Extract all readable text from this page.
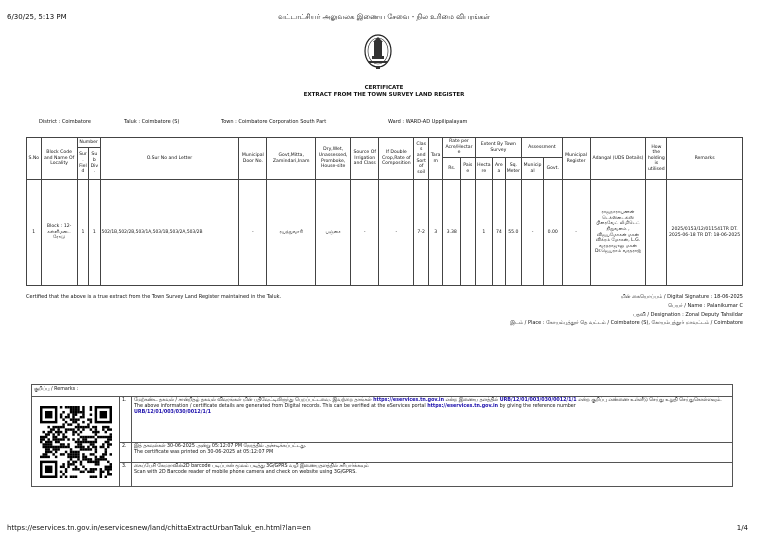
6/30/25, 5:13 PM	வட்டாட்சியர் அலுவலக இணைய சேவை - நில உரிமை விபரங்கள்
CERTIFICATE
EXTRACT FROM THE TOWN SURVEY LAND REGISTER
District : Coimbatore	Taluk : Coimbatore (S)	Town : Coimbatore Corporation South Part	Ward : WARD-AD Uppilipalayam
S.No	Block Code and Name Of Locality	Number		O.Sur No and Letter	Municipal Door No.	Govt,Mitta, Zamindari,Inam	Dry,Wet, Unassessed, Promboke, House-site	Source Of Irrigation and Class	If Double Crop,Rate of Composition	Class and Sort of soil	Taram	Rate per Acre/Hectare		Extent By Town Survey			Assessment		Municipal Register	Adangal (UDS Details)	How the holding is utilised	Remarks
		Sur. Field	Sub Div.																			
												Rs.	Paise	Hectare	Area	Sq. Meter	Municipal	Govt.				
1	Block : 12-கள்ளிமடை ரோடு	1	1	502/1B,502/2B,503/1A,503/1B,503/2A,503/2B	-	ரயத்துவாரி	பஞ்சை	-	-	7-2	3	3.38		1	74	55.0	-	0.00	-	ராஜநாராயணன் டெக்ஸ்டைல்ஸ் பிரைவேட் லிமிடெட் நிறுவனம் , விஜயமோகன் மகன் விக்ரம் மோகன், L.G. வரதராஜுலு மகன் Dr.ஜெயராம் வரதராஜ்		2025/0153/12/011541TR DT. 2025-06-18 TR DT: 18-06-2025
Certified that the above is a true extract from the Town Survey Land Register maintained in the Taluk.	மின் கையொப்பம் / Digital Signature : 18-06-2025
பெயர் / Name : Palanikumar C
பதவி / Designation : Zonal Deputy Tahsildar
இடம் / Place : கோயம்புத்தூர் தெ வட்டம் / Coimbatore (S), கோயம்புத்தூர் மாவட்டம் / Coimbatore
குறிப்பு / Remarks :		

	1.	மேற்கண்ட தகவல் / சான்றிதழ் தகவல் விவரங்கள் மின் பதிவேட்டிலிருந்து பெறப்பட்டவை. இவற்றை தாங்கள் https://eservices.tn.gov.in என்ற இணைய தளத்தில் URB/12/01/003/030/0012/1/1 என்ற குறிப்பு எண்ணை உள்ளீடு செய்து உறுதி செய்துகொள்ளவும்.
The above information / certificate details are generated from Digital records. This can be verified at the eServices portal https://eservices.tn.gov.in by giving the reference number
URB/12/01/003/030/0012/1/1
	2.	இத் தகவல்கள் 30-06-2025 அன்று 05:12:07 PM நேரத்தில் அச்சடிக்கப்பட்டது.
The certificate was printed on 30-06-2025 at 05:12:07 PM
	3.	கைப்பேசி கேமராவின்2D barcode படிப்பான் மூலம் படித்து 3G/GPRS வழி இணையதளத்தில் சரிபார்க்கவும்
Scan with 2D Barcode reader of mobile phone camera and check on website using 3G/GPRS.
https://eservices.tn.gov.in/eservicesnew/land/chittaExtractUrbanTaluk_en.html?lan=en	1/4
